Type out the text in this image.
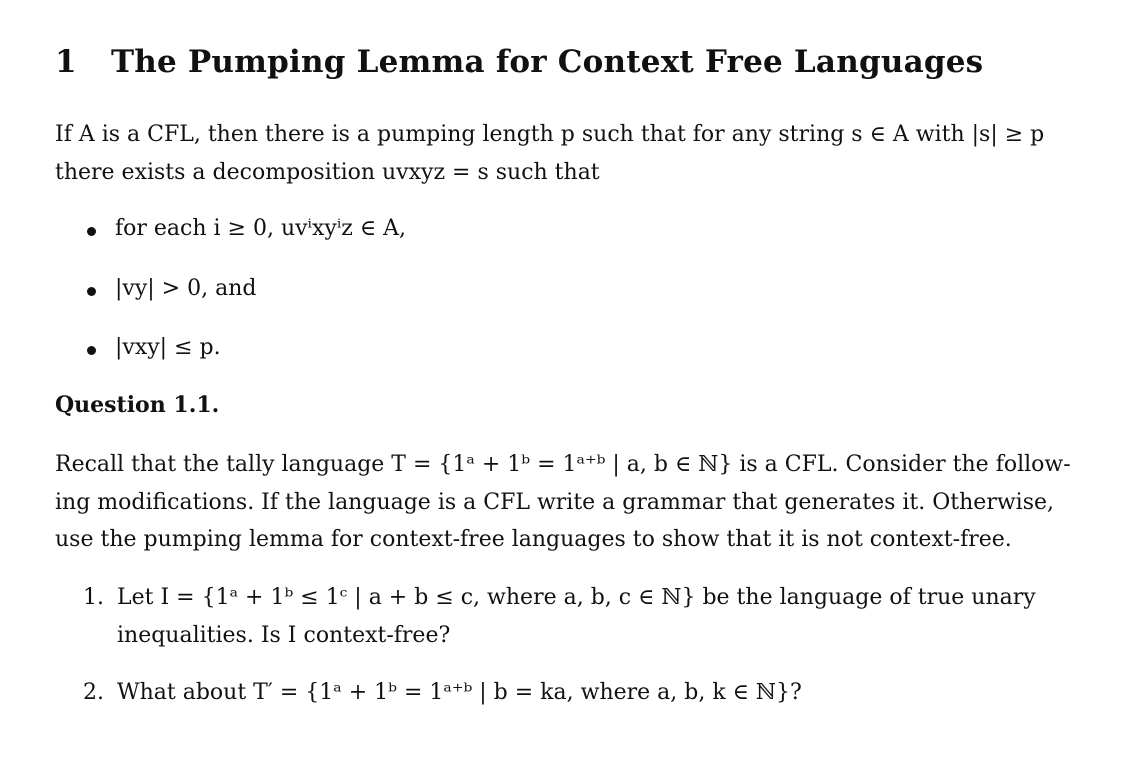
1 The Pumping Lemma for Context Free Languages

If A is a CFL, then there is a pumping length p such that for any string s ∈ A with |s| ≥ p

there exists a decomposition uvxyz = s such that

for each i ≥ 0, uvⁱxyⁱz ∈ A,
|vy| > 0, and
|vxy| ≤ p.
Question 1.1.

Recall that the tally language T = {1ᵃ + 1ᵇ = 1ᵃ⁺ᵇ | a, b ∈ ℕ} is a CFL. Consider the follow-

ing modifications. If the language is a CFL write a grammar that generates it. Otherwise,

use the pumping lemma for context-free languages to show that it is not context-free.

1. Let I = {1ᵃ + 1ᵇ ≤ 1ᶜ | a + b ≤ c, where a, b, c ∈ ℕ} be the language of true unary
inequalities. Is I context-free?
2. What about T′ = {1ᵃ + 1ᵇ = 1ᵃ⁺ᵇ | b = ka, where a, b, k ∈ ℕ}?
